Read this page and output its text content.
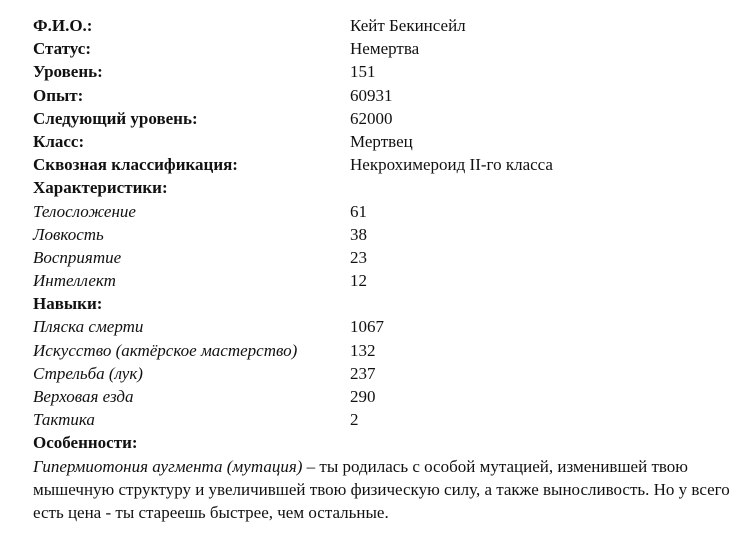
Ф.И.О.:	Кейт Бекинсейл
Статус:	Немертва
Уровень:	151
Опыт:	60931
Следующий уровень:	62000
Класс:	Мертвец
Сквозная классификация:	Некрохимероид II-го класса
Характеристики:
Телосложение	61
Ловкость	38
Восприятие	23
Интеллект	12
Навыки:
Пляска смерти	1067
Искусство (актёрское мастерство)	132
Стрельба (лук)	237
Верховая езда	290
Тактика	2
Особенности:

Гипермиотония аугмента (мутация) – ты родилась с особой мутацией, изменившей твою мышечную структуру и увеличившей твою физическую силу, а также выносливость. Но у всего есть цена - ты стареешь быстрее, чем остальные.
